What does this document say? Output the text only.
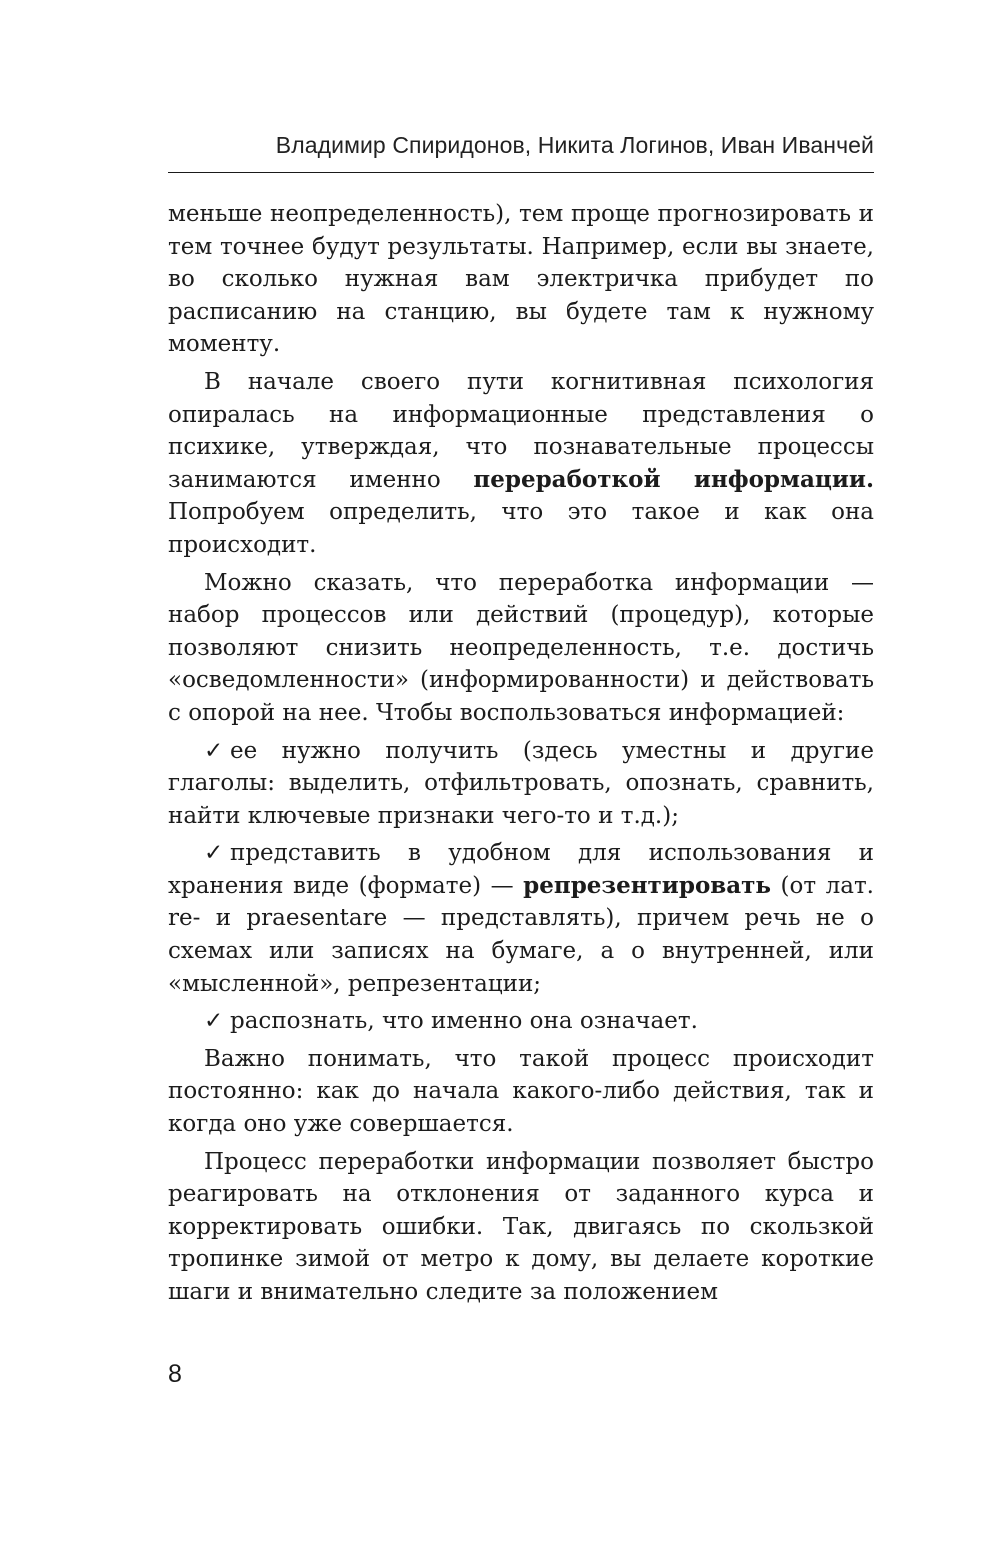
Владимир Спиридонов, Никита Логинов, Иван Иванчей

меньше неопределенность), тем проще прогнозировать и тем точнее будут результаты. Например, если вы знаете, во сколько нужная вам электричка прибудет по расписанию на станцию, вы будете там к нужному моменту.

В начале своего пути когнитивная психология опиралась на информационные представления о психике, утверждая, что познавательные процессы занимаются именно переработкой информации. Попробуем определить, что это такое и как она происходит.

Можно сказать, что переработка информации — набор процессов или действий (процедур), которые позволяют снизить неопределенность, т.е. достичь «осведомленности» (информированности) и действовать с опорой на нее. Чтобы воспользоваться информацией:

✓ ее нужно получить (здесь уместны и другие глаголы: выделить, отфильтровать, опознать, сравнить, найти ключевые признаки чего-то и т.д.);

✓ представить в удобном для использования и хранения виде (формате) — репрезентировать (от лат. re- и praesentare — представлять), причем речь не о схемах или записях на бумаге, а о внутренней, или «мысленной», репрезентации;

✓ распознать, что именно она означает.

Важно понимать, что такой процесс происходит постоянно: как до начала какого-либо действия, так и когда оно уже совершается.

Процесс переработки информации позволяет быстро реагировать на отклонения от заданного курса и корректировать ошибки. Так, двигаясь по скользкой тропинке зимой от метро к дому, вы делаете короткие шаги и внимательно следите за положением

8
